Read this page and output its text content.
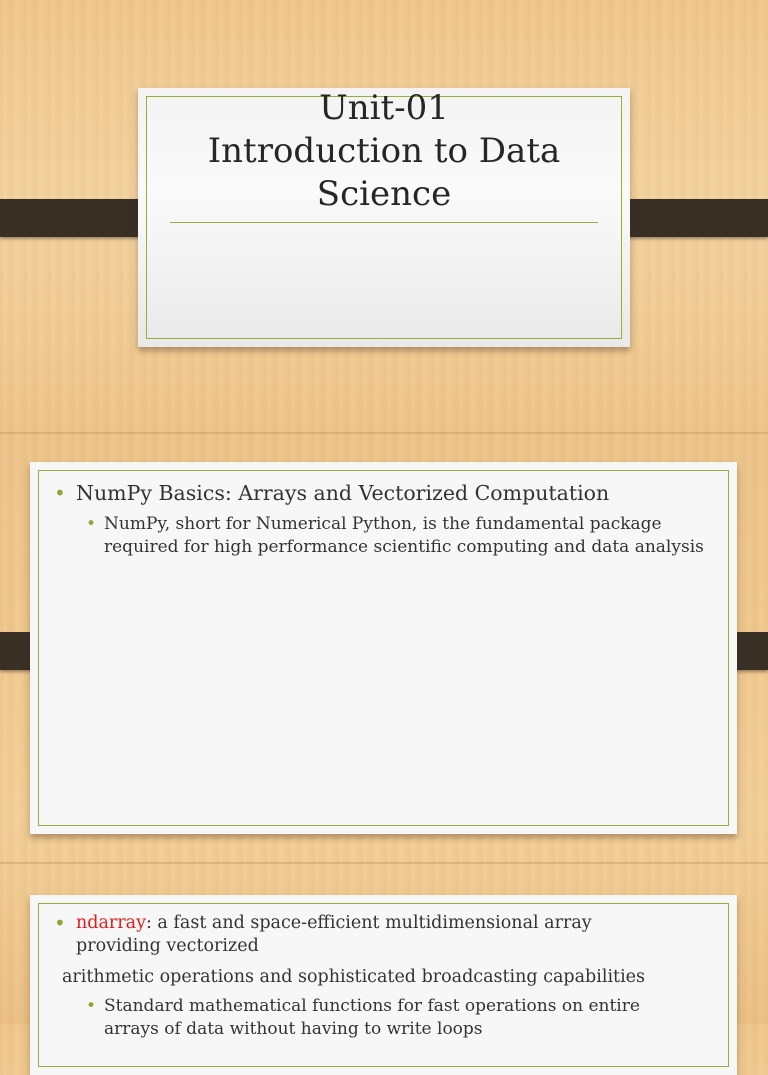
Unit-01
Introduction to Data
Science
• NumPy Basics: Arrays and Vectorized Computation
• NumPy, short for Numerical Python, is the fundamental package required for high performance scientific computing and data analysis
• ndarray: a fast and space-efficient multidimensional array providing vectorized
arithmetic operations and sophisticated broadcasting capabilities
• Standard mathematical functions for fast operations on entire arrays of data without having to write loops
